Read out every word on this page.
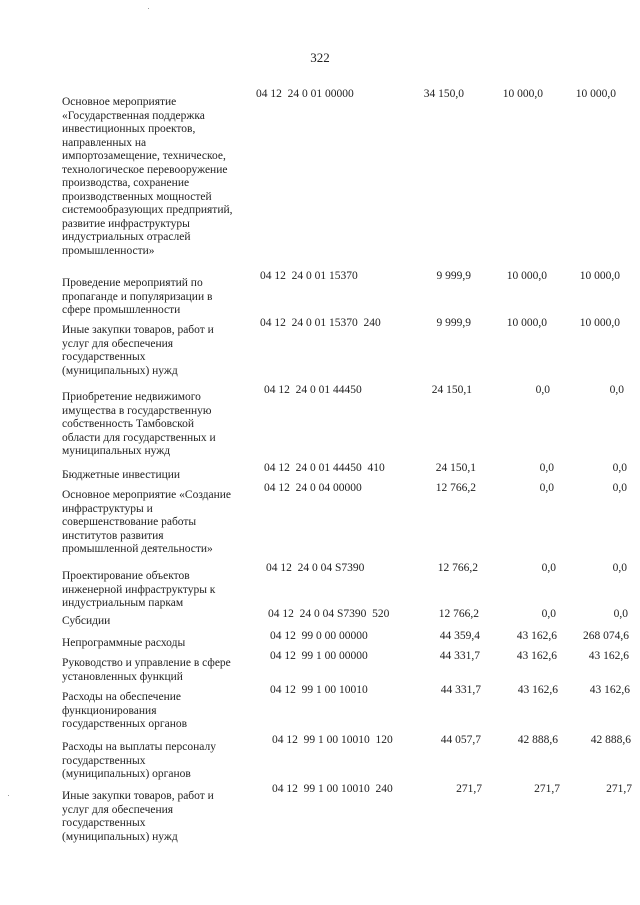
322
Основное мероприятие
«Государственная поддержка
инвестиционных проектов,
направленных на
импортозамещение, техническое,
технологическое перевооружение
производства, сохранение
производственных мощностей
системообразующих предприятий,
развитие инфраструктуры
индустриальных отраслей
промышленности»
04 12  24 0 01 00000	34 150,0	10 000,0	10 000,0
Проведение мероприятий по
пропаганде и популяризации в
сфере промышленности
04 12  24 0 01 15370	9 999,9	10 000,0	10 000,0
Иные закупки товаров, работ и
услуг для обеспечения
государственных
(муниципальных) нужд
04 12  24 0 01 15370  240	9 999,9	10 000,0	10 000,0
Приобретение недвижимого
имущества в государственную
собственность Тамбовской
области для государственных и
муниципальных нужд
04 12  24 0 01 44450	24 150,1	0,0	0,0
Бюджетные инвестиции
04 12  24 0 01 44450  410	24 150,1	0,0	0,0
Основное мероприятие «Создание
инфраструктуры и
совершенствование работы
институтов развития
промышленной деятельности»
04 12  24 0 04 00000	12 766,2	0,0	0,0
Проектирование объектов
инженерной инфраструктуры к
индустриальным паркам
04 12  24 0 04 S7390	12 766,2	0,0	0,0
Субсидии
04 12  24 0 04 S7390  520	12 766,2	0,0	0,0
Непрограммные расходы
04 12  99 0 00 00000	44 359,4	43 162,6	268 074,6
Руководство и управление в сфере
установленных функций
04 12  99 1 00 00000	44 331,7	43 162,6	43 162,6
Расходы на обеспечение
функционирования
государственных органов
04 12  99 1 00 10010	44 331,7	43 162,6	43 162,6
Расходы на выплаты персоналу
государственных
(муниципальных) органов
04 12  99 1 00 10010  120	44 057,7	42 888,6	42 888,6
Иные закупки товаров, работ и
услуг для обеспечения
государственных
(муниципальных) нужд
04 12  99 1 00 10010  240	271,7	271,7	271,7
